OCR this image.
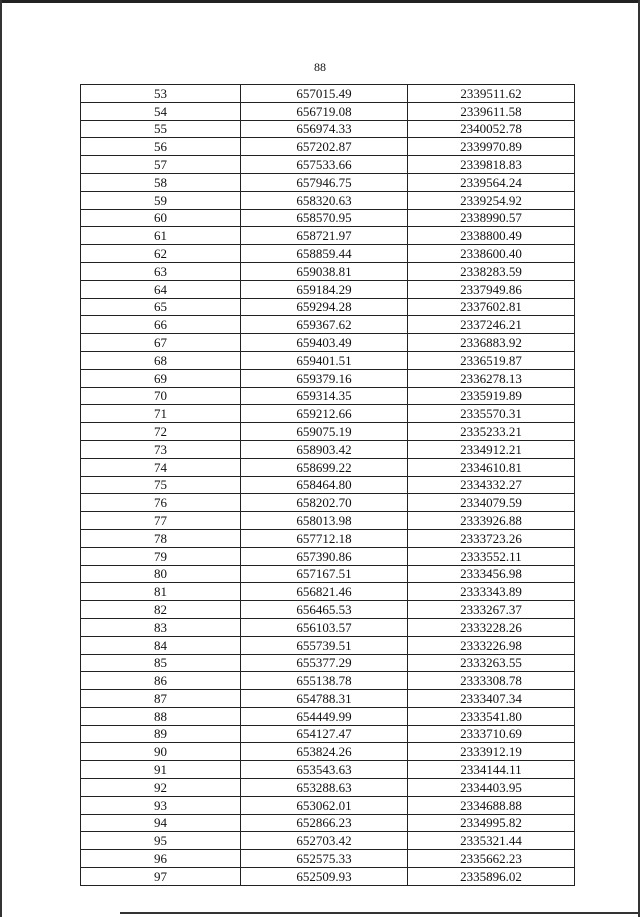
88
53	657015.49	2339511.62
54	656719.08	2339611.58
55	656974.33	2340052.78
56	657202.87	2339970.89
57	657533.66	2339818.83
58	657946.75	2339564.24
59	658320.63	2339254.92
60	658570.95	2338990.57
61	658721.97	2338800.49
62	658859.44	2338600.40
63	659038.81	2338283.59
64	659184.29	2337949.86
65	659294.28	2337602.81
66	659367.62	2337246.21
67	659403.49	2336883.92
68	659401.51	2336519.87
69	659379.16	2336278.13
70	659314.35	2335919.89
71	659212.66	2335570.31
72	659075.19	2335233.21
73	658903.42	2334912.21
74	658699.22	2334610.81
75	658464.80	2334332.27
76	658202.70	2334079.59
77	658013.98	2333926.88
78	657712.18	2333723.26
79	657390.86	2333552.11
80	657167.51	2333456.98
81	656821.46	2333343.89
82	656465.53	2333267.37
83	656103.57	2333228.26
84	655739.51	2333226.98
85	655377.29	2333263.55
86	655138.78	2333308.78
87	654788.31	2333407.34
88	654449.99	2333541.80
89	654127.47	2333710.69
90	653824.26	2333912.19
91	653543.63	2334144.11
92	653288.63	2334403.95
93	653062.01	2334688.88
94	652866.23	2334995.82
95	652703.42	2335321.44
96	652575.33	2335662.23
97	652509.93	2335896.02
